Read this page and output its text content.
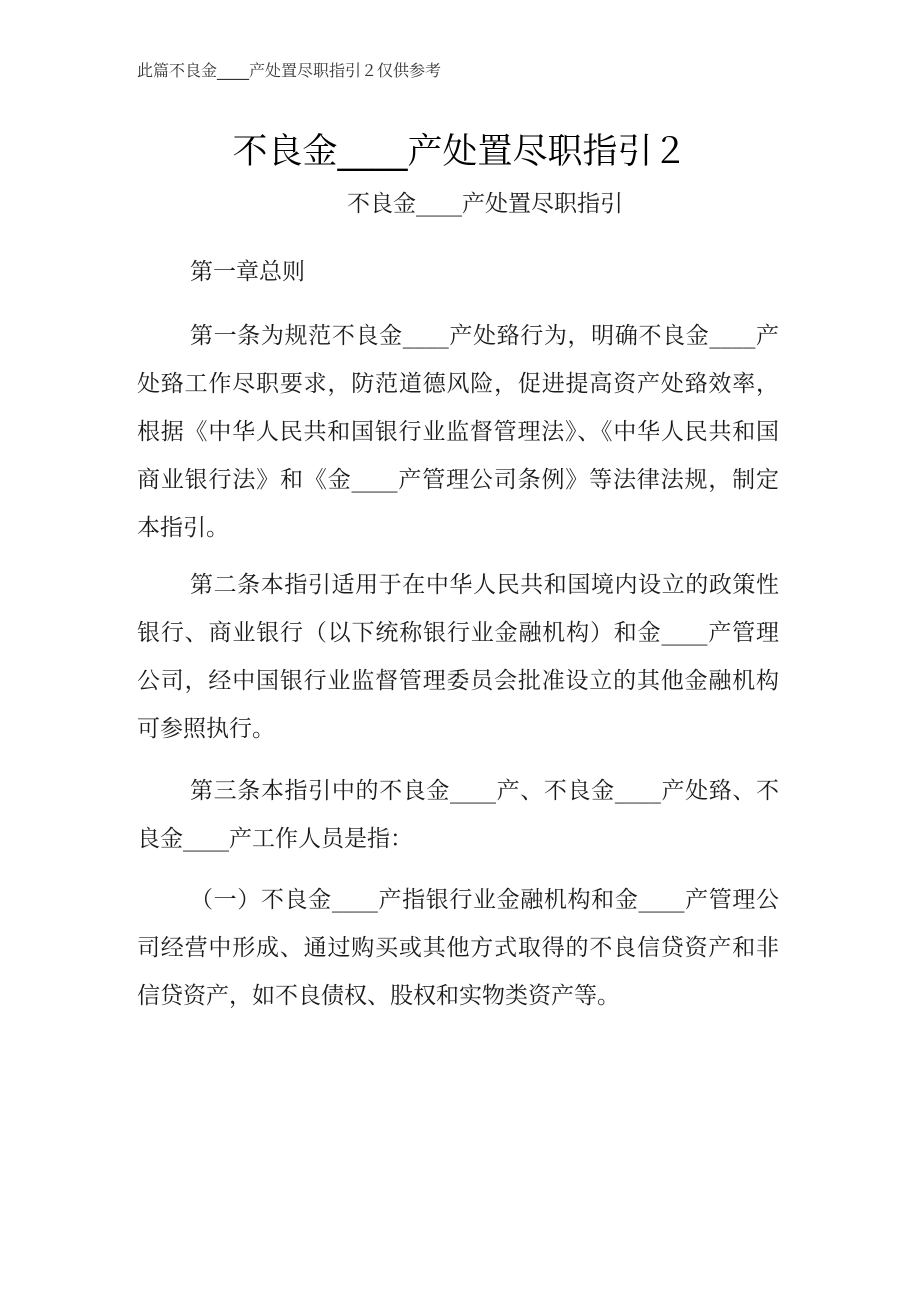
此篇不良金____产处置尽职指引２仅供参考
不良金____产处置尽职指引２
不良金____产处置尽职指引
第一章总则

第一条为规范不良金____产处臵行为，明确不良金____产处臵工作尽职要求，防范道德风险，促进提高资产处臵效率，根据《中华人民共和国银行业监督管理法》、《中华人民共和国商业银行法》和《金____产管理公司条例》等法律法规，制定本指引。

第二条本指引适用于在中华人民共和国境内设立的政策性银行、商业银行（以下统称银行业金融机构）和金____产管理公司，经中国银行业监督管理委员会批准设立的其他金融机构可参照执行。

第三条本指引中的不良金____产、不良金____产处臵、不良金____产工作人员是指：

（一）不良金____产指银行业金融机构和金____产管理公司经营中形成、通过购买或其他方式取得的不良信贷资产和非信贷资产，如不良债权、股权和实物类资产等。
